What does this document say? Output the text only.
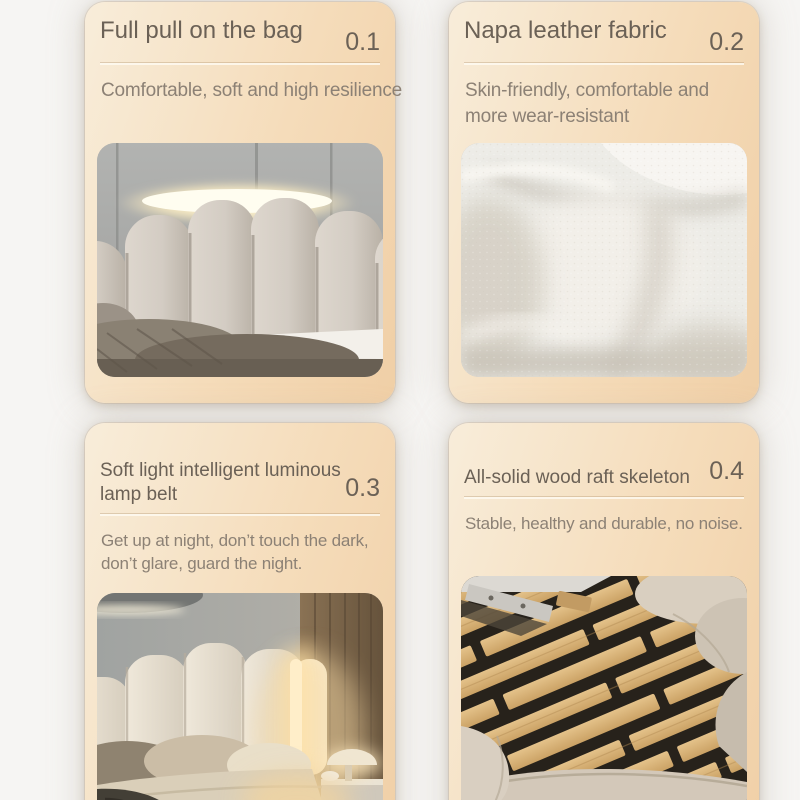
Full pull on the bag 0.1
Comfortable, soft and high resilience
Napa leather fabric 0.2
Skin-friendly, comfortable and more wear-resistant
Soft light intelligent luminous lamp belt	0.3
Get up at night, don’t touch the dark, don’t glare, guard the night.
All-solid wood raft skeleton 0.4
Stable, healthy and durable, no noise.
